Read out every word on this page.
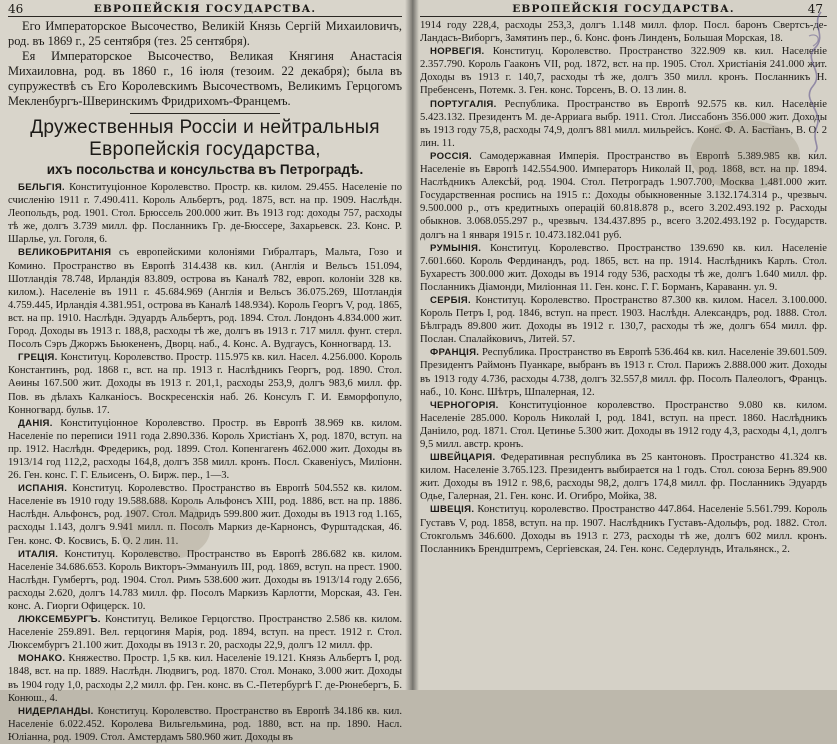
46	ЕВРОПЕЙСКIЯ ГОСУДАРСТВА.

Его Императорское Высочество, Великiй Князь Сергiй Михаиловичъ, род. въ 1869 г., 25 сентября (тез. 25 сентября).

Ея Императорское Высочество, Великая Княгиня Анастасiя Михаиловна, род. въ 1860 г., 16 iюля (тезоим. 22 декабря); была въ супружествѣ съ Его Королевскимъ Высочествомъ, Великимъ Герцогомъ Мекленбургъ-Шверинскимъ Фридрихомъ-Францемъ.

Дружественныя Россiи и нейтральныя Европейскiя государства,
ихъ посольства и консульства въ Петроградѣ.

БЕЛЬГIЯ. Конституцiонное Королевство. Простр. кв. килом. 29.455. Населенiе по счисленiю 1911 г. 7.490.411. Король Альбертъ, род. 1875, вст. на пр. 1909. Наслѣдн. Леопольдъ, род. 1901. Стол. Брюссель 200.000 жит. Въ 1913 год: доходы 757, расходы тѣ же, долгъ 3.739 милл. фр. Посланникъ Гр. де-Бюссере, Захарьевск. 23. Конс. Р. Шарлье, ул. Гоголя, 6.

ВЕЛИКОБРИТАНIЯ съ европейскими колонiями Гибралтаръ, Мальта, Гозо и Комино. Пространство въ Европѣ 314.438 кв. кил. (Англiя и Вельсъ 151.094, Шотландiя 78.748, Ирландiя 83.809, острова въ Каналѣ 782, европ. колонiи 328 кв. килом.). Населенiе въ 1911 г. 45.684.969 (Англiя и Вельсъ 36.075.269, Шотландiя 4.759.445, Ирландiя 4.381.951, острова въ Каналѣ 148.934). Король Георгъ V, род. 1865, вст. на пр. 1910. Наслѣдн. Эдуардъ Альбертъ, род. 1894. Стол. Лондонъ 4.834.000 жит. Город. Доходы въ 1913 г. 188,8, расходы тѣ же, долгъ въ 1913 г. 717 милл. фунт. стерл. Посолъ Сэръ Джоржъ Бьюкененъ, Дворц. наб., 4. Конс. А. Вудгаусъ, Конногвард. 13.

ГРЕЦIЯ. Конституц. Королевство. Простр. 115.975 кв. кил. Насел. 4.256.000. Король Константинъ, род. 1868 г., вст. на пр. 1913 г. Наслѣдникъ Георгъ, род. 1890. Стол. Аѳины 167.500 жит. Доходы въ 1913 г. 201,1, расходы 253,9, долгъ 983,6 милл. фр. Пов. въ дѣлахъ Калканiосъ. Воскресенскiя наб. 26. Консулъ Г. И. Евморфопуло, Конногвард. бульв. 17.

ДАНIЯ. Конституцiонное Королевство. Простр. въ Европѣ 38.969 кв. килом. Населенiе по переписи 1911 года 2.890.336. Король Христiанъ X, род. 1870, вступ. на пр. 1912. Наслѣдн. Фредерикъ, род. 1899. Стол. Копенгагенъ 462.000 жит. Доходы въ 1913/14 год 112,2, расходы 164,8, долгъ 358 милл. кронъ. Посл. Скавенiусъ, Милiонн. 26. Ген. конс. Г. Г. Ельисенъ, О. Бирж. пер., 1—3.

ИСПАНIЯ. Конституц. Королевство. Пространство въ Европѣ 504.552 кв. килом. Населенiе въ 1910 году 19.588.688. Король Альфонсъ XIII, род. 1886, вст. на пр. 1886. Наслѣдн. Альфонсъ, род. 1907. Стол. Мадридъ 599.800 жит. Доходы въ 1913 год 1.165, расходы 1.143, долгъ 9.941 милл. п. Посолъ Маркиз де-Карнонсъ, Фурштадская, 46. Ген. конс. Ф. Косвисъ, Б. О. 2 лин. 11.

ИТАЛIЯ. Конституц. Королевство. Пространство въ Европѣ 286.682 кв. килом. Населенiе 34.686.653. Король Викторъ-Эммануилъ III, род. 1869, вступ. на прест. 1900. Наслѣдн. Гумбертъ, род. 1904. Стол. Римъ 538.600 жит. Доходы въ 1913/14 году 2.656, расходы 2.620, долгъ 14.783 милл. фр. Посолъ Маркизъ Карлотти, Морская, 43. Ген. конс. А. Гиорги Офицерск. 10.

ЛЮКСЕМБУРГЪ. Конституц. Великое Герцогство. Пространство 2.586 кв. килом. Населенiе 259.891. Вел. герцогиня Марiя, род. 1894, вступ. на прест. 1912 г. Стол. Люксембургъ 21.100 жит. Доходы въ 1913 г. 20, расходы 22,9, долгъ 12 милл. фр.

МОНАКО. Княжество. Простр. 1,5 кв. кил. Населенiе 19.121. Князь Альбертъ I, род. 1848, вст. на пр. 1889. Наслѣдн. Людвигъ, род. 1870. Стол. Монако, 3.000 жит. Доходы въ 1904 году 1,0, расходы 2,2 милл. фр. Ген. конс. въ С.-Петербургѣ Г. де-Рюнебергъ, Б. Конюш., 4.

НИДЕРЛАНДЫ. Конституц. Королевство. Пространство въ Европѣ 34.186 кв. кил. Населенiе 6.022.452. Королева Вильгельмина, род. 1880, вст. на пр. 1890. Насл. Юлiанна, род. 1909. Стол. Амстердамъ 580.960 жит. Доходы въ

ЕВРОПЕЙСКIЯ ГОСУДАРСТВА.	47

1914 году 228,4, расходы 253,3, долгъ 1.148 милл. флор. Посл. баронъ Свертсъ-де-Ландасъ-Виборгъ, Замятинъ пер., 6. Конс. фонъ Линденъ, Большая Морская, 18.

НОРВЕГIЯ. Конституц. Королевство. Пространство 322.909 кв. кил. Населенiе 2.357.790. Король Гааконъ VII, род. 1872, вст. на пр. 1905. Стол. Христiанiя 241.000 жит. Доходы въ 1913 г. 140,7, расходы тѣ же, долгъ 350 милл. кронъ. Посланникъ Н. Пребенсенъ, Потемк. 3. Ген. конс. Торсенъ, В. О. 13 лин. 8.

ПОРТУГАЛIЯ. Республика. Пространство въ Европѣ 92.575 кв. кил. Населенiе 5.423.132. Президентъ М. де-Арриага выбр. 1911. Стол. Лиссабонъ 356.000 жит. Доходы въ 1913 году 75,8, расходы 74,9, долгъ 881 милл. мильрейсъ. Конс. Ф. А. Бастiанъ, В. О. 2 лин. 11.

РОССIЯ. Самодержавная Имперiя. Пространство въ Европѣ 5.389.985 кв. кил. Населенiе въ Европѣ 142.554.900. Императоръ Николай II, род. 1868, вст. на пр. 1894. Наслѣдникъ Алексѣй, род. 1904. Стол. Петроградъ 1.907.700, Москва 1.481.000 жит. Государственная роспись на 1915 г.: Доходы обыкновенные 3.132.174.314 р., чрезвыч. 9.500.000 р., отъ кредитныхъ операцiй 60.818.878 р., всего 3.202.493.192 р. Расходы обыкнов. 3.068.055.297 р., чрезвыч. 134.437.895 р., всего 3.202.493.192 р. Государств. долгъ на 1 января 1915 г. 10.473.182.041 руб.

РУМЫНIЯ. Конституц. Королевство. Пространство 139.690 кв. кил. Населенiе 7.601.660. Король Фердинандъ, род. 1865, вст. на пр. 1914. Наслѣдникъ Карлъ. Стол. Бухарестъ 300.000 жит. Доходы въ 1914 году 536, расходы тѣ же, долгъ 1.640 милл. фр. Посланникъ Дiамонди, Милiонная 11. Ген. конс. Г. Г. Борманъ, Караванн. ул. 9.

СЕРБIЯ. Конституц. Королевство. Пространство 87.300 кв. килом. Насел. 3.100.000. Король Петръ I, род. 1846, вступ. на прест. 1903. Наслѣдн. Александръ, род. 1888. Стол. Бѣлградъ 89.800 жит. Доходы въ 1912 г. 130,7, расходы тѣ же, долгъ 654 милл. фр. Послан. Спалайковичъ, Литей. 57.

ФРАНЦIЯ. Республика. Пространство въ Европѣ 536.464 кв. кил. Населенiе 39.601.509. Президентъ Раймонъ Пуанкаре, выбранъ въ 1913 г. Стол. Парижъ 2.888.000 жит. Доходы въ 1913 году 4.736, расходы 4.738, долгъ 32.557,8 милл. фр. Посолъ Палеологъ, Францъ. наб., 10. Конс. Шѣтръ, Шпалерная, 12.

ЧЕРНОГОРIЯ. Конституцiонное королевство. Пространство 9.080 кв. килом. Населенiе 285.000. Король Николай I, род. 1841, вступ. на прест. 1860. Наслѣдникъ Данiило, род. 1871. Стол. Цетинье 5.300 жит. Доходы въ 1912 году 4,3, расходы 4,1, долгъ 9,5 милл. австр. кронъ.

ШВЕЙЦАРIЯ. Федеративная республика въ 25 кантоновъ. Пространство 41.324 кв. килом. Населенiе 3.765.123. Президентъ выбирается на 1 годъ. Стол. союза Бернъ 89.900 жит. Доходы въ 1912 г. 98,6, расходы 98,2, долгъ 174,8 милл. фр. Посланникъ Эдуардъ Одье, Галерная, 21. Ген. конс. И. Огибро, Мойка, 38.

ШВЕЦIЯ. Конституц. королевство. Пространство 447.864. Населенiе 5.561.799. Король Густавъ V, род. 1858, вступ. на пр. 1907. Наслѣдникъ Густавъ-Адольфъ, род. 1882. Стол. Стокгольмъ 346.600. Доходы въ 1913 г. 273, расходы тѣ же, долгъ 602 милл. кронъ. Посланникъ Брендштремъ, Сергiевская, 24. Ген. конс. Седерлундъ, Итальянск., 2.
